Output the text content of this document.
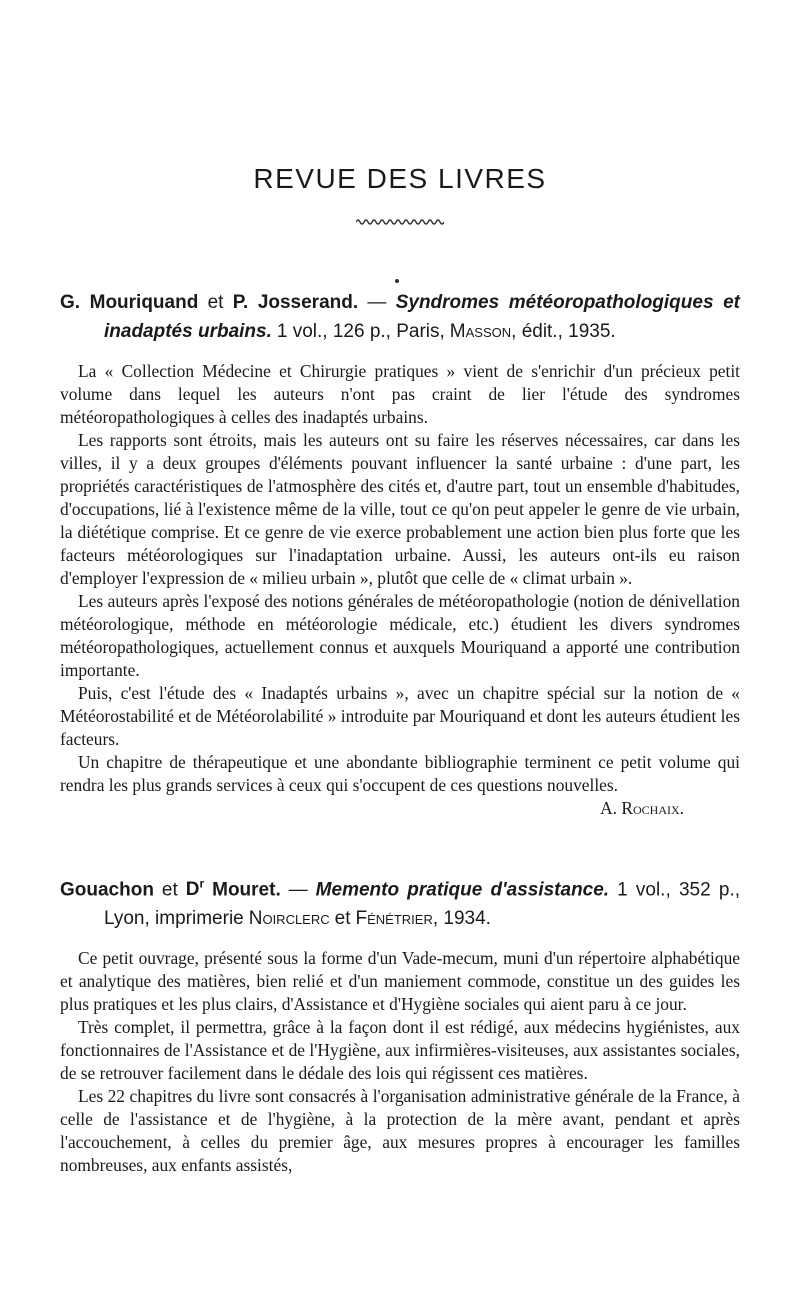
REVUE DES LIVRES

G. Mouriquand et P. Josserand. — Syndromes météoropathologiques et inadaptés urbains. 1 vol., 126 p., Paris, Masson, édit., 1935.

La « Collection Médecine et Chirurgie pratiques » vient de s'enrichir d'un précieux petit volume dans lequel les auteurs n'ont pas craint de lier l'étude des syndromes météoropathologiques à celles des inadaptés urbains.

Les rapports sont étroits, mais les auteurs ont su faire les réserves nécessaires, car dans les villes, il y a deux groupes d'éléments pouvant influencer la santé urbaine : d'une part, les propriétés caractéristiques de l'atmosphère des cités et, d'autre part, tout un ensemble d'habitudes, d'occupations, lié à l'existence même de la ville, tout ce qu'on peut appeler le genre de vie urbain, la diététique comprise. Et ce genre de vie exerce probablement une action bien plus forte que les facteurs météorologiques sur l'inadaptation urbaine. Aussi, les auteurs ont-ils eu raison d'employer l'expression de « milieu urbain », plutôt que celle de « climat urbain ».

Les auteurs après l'exposé des notions générales de météoropathologie (notion de dénivellation météorologique, méthode en météorologie médicale, etc.) étudient les divers syndromes météoropathologiques, actuellement connus et auxquels Mouriquand a apporté une contribution importante.

Puis, c'est l'étude des « Inadaptés urbains », avec un chapitre spécial sur la notion de « Météorostabilité et de Météorolabilité » introduite par Mouriquand et dont les auteurs étudient les facteurs.

Un chapitre de thérapeutique et une abondante bibliographie terminent ce petit volume qui rendra les plus grands services à ceux qui s'occupent de ces questions nouvelles.
A. Rochaix.

Gouachon et $D^r$ Mouret. — Memento pratique d'assistance. 1 vol., 352 p., Lyon, imprimerie Noirclerc et Fénétrier, 1934.

Ce petit ouvrage, présenté sous la forme d'un Vade-mecum, muni d'un répertoire alphabétique et analytique des matières, bien relié et d'un maniement commode, constitue un des guides les plus pratiques et les plus clairs, d'Assistance et d'Hygiène sociales qui aient paru à ce jour.

Très complet, il permettra, grâce à la façon dont il est rédigé, aux médecins hygiénistes, aux fonctionnaires de l'Assistance et de l'Hygiène, aux infirmières-visiteuses, aux assistantes sociales, de se retrouver facilement dans le dédale des lois qui régissent ces matières.

Les 22 chapitres du livre sont consacrés à l'organisation administrative générale de la France, à celle de l'assistance et de l'hygiène, à la protection de la mère avant, pendant et après l'accouchement, à celles du premier âge, aux mesures propres à encourager les familles nombreuses, aux enfants assistés,
